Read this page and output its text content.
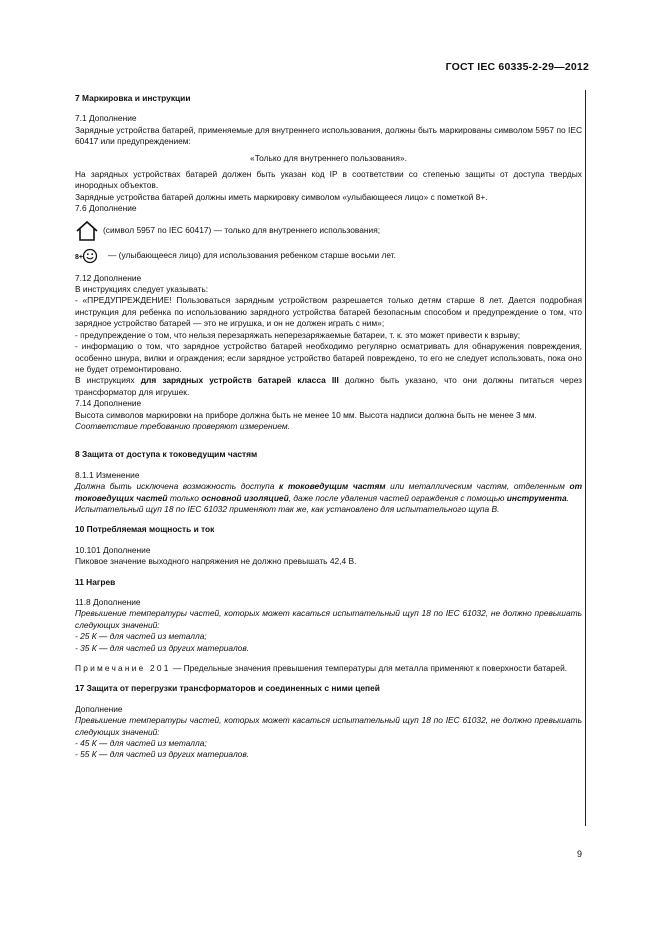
ГОСТ IEC 60335-2-29—2012

7 Маркировка и инструкции

7.1 Дополнение

Зарядные устройства батарей, применяемые для внутреннего использования, должны быть маркированы символом 5957 по IEC 60417 или предупреждением:

«Только для внутреннего пользования».

На зарядных устройствах батарей должен быть указан код IP в соответствии со степенью защиты от доступа твердых инородных объектов.

Зарядные устройства батарей должны иметь маркировку символом «улыбающееся лицо» с пометкой 8+.

7.6 Дополнение

(символ 5957 по IEC 60417) — только для внутреннего использования;
8+	— (улыбающееся лицо) для использования ребенком старше восьми лет.

7.12 Дополнение

В инструкциях следует указывать:

- «ПРЕДУПРЕЖДЕНИЕ! Пользоваться зарядным устройством разрешается только детям старше 8 лет. Дается подробная инструкция для ребенка по использованию зарядного устройства батарей безопасным способом и предупреждение о том, что зарядное устройство батарей — это не игрушка, и он не должен играть с ним»;

- предупреждение о том, что нельзя перезаряжать неперезаряжаемые батареи, т. к. это может привести к взрыву;

- информацию о том, что зарядное устройство батарей необходимо регулярно осматривать для обнаружения повреждения, особенно шнура, вилки и ограждения; если зарядное устройство батарей повреждено, то его не следует использовать, пока оно не будет отремонтировано.

В инструкциях для зарядных устройств батарей класса III должно быть указано, что они должны питаться через трансформатор для игрушек.

7.14 Дополнение

Высота символов маркировки на приборе должна быть не менее 10 мм. Высота надписи должна быть не менее 3 мм.

Соответствие требованию проверяют измерением.

8 Защита от доступа к токоведущим частям

8.1.1 Изменение

Должна быть исключена возможность доступа к токоведущим частям или металлическим частям, отделенным от токоведущих частей только основной изоляцией, даже после удаления частей ограждения с помощью инструмента.

Испытательный щуп 18 по IEC 61032 применяют так же, как установлено для испытательного щупа B.

10 Потребляемая мощность и ток

10.101 Дополнение

Пиковое значение выходного напряжения не должно превышать 42,4 В.

11 Нагрев

11.8 Дополнение

Превышение температуры частей, которых может касаться испытательный щуп 18 по IEC 61032, не должно превышать следующих значений:

- 25 К — для частей из металла;

- 35 К — для частей из других материалов.

Примечание 201 — Предельные значения превышения температуры для металла применяют к поверхности батарей.

17 Защита от перегрузки трансформаторов и соединенных с ними цепей

Дополнение

Превышение температуры частей, которых может касаться испытательный щуп 18 по IEC 61032, не должно превышать следующих значений:

- 45 К — для частей из металла;

- 55 К — для частей из других материалов.

9
